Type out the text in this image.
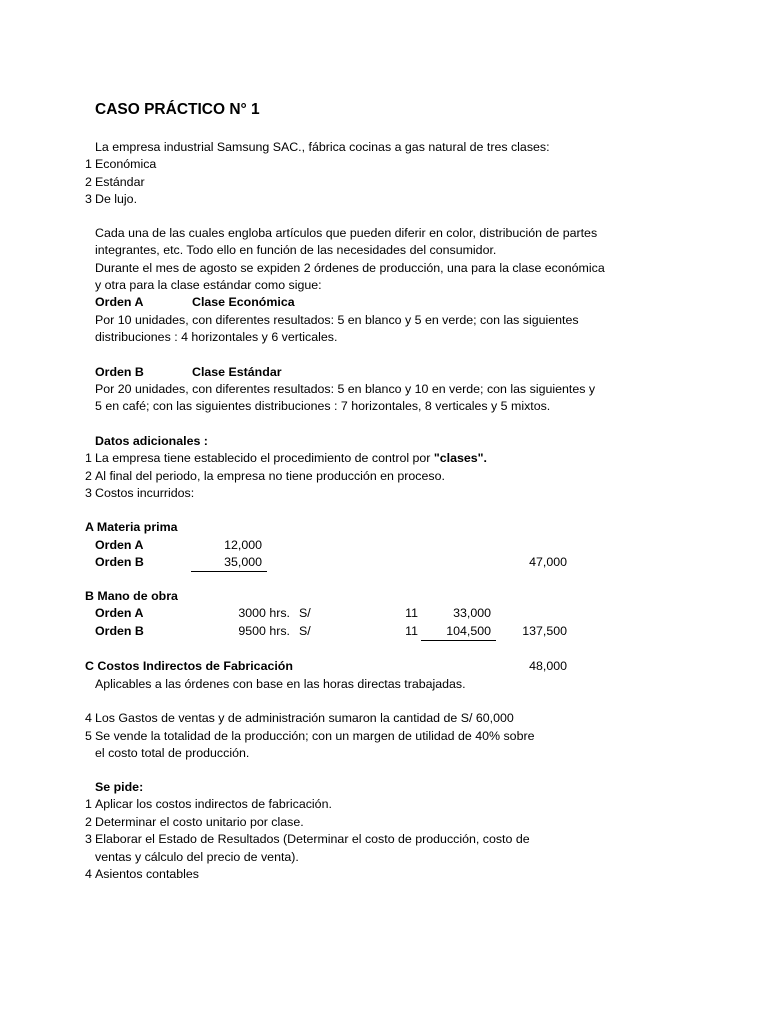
CASO PRÁCTICO N° 1
La empresa industrial Samsung SAC., fábrica cocinas a gas natural de tres clases:
1 Económica
2 Estándar
3 De lujo.
Cada una de las cuales engloba artículos que pueden diferir en color, distribución de partes
integrantes, etc. Todo ello en función de las necesidades del consumidor.
Durante el mes de agosto se expiden 2 órdenes de producción, una para la clase económica
y otra para la clase estándar como sigue:
Orden A	Clase Económica
Por 10 unidades, con diferentes resultados: 5 en blanco y 5 en verde; con las siguientes
distribuciones : 4 horizontales y 6 verticales.
Orden B	Clase Estándar
Por 20 unidades, con diferentes resultados: 5 en blanco y 10 en verde; con las siguientes y
5 en café; con las siguientes distribuciones : 7 horizontales, 8 verticales y 5 mixtos.
Datos adicionales :
1 La empresa tiene establecido el procedimiento de control por "clases".
2 Al final del periodo, la empresa no tiene producción en proceso.
3 Costos incurridos:
A Materia prima
Orden A	12,000
Orden B	35,000	47,000
B Mano de obra
Orden A	3000 hrs. S/	11	33,000
Orden B	9500 hrs. S/	11	104,500	137,500
C Costos Indirectos de Fabricación	48,000
Aplicables a las órdenes con base en las horas directas trabajadas.
4 Los Gastos de ventas y de administración sumaron la cantidad de S/ 60,000
5 Se vende la totalidad de la producción; con un margen de utilidad de 40% sobre
el costo total de producción.
Se pide:
1 Aplicar los costos indirectos de fabricación.
2 Determinar el costo unitario por clase.
3 Elaborar el Estado de Resultados (Determinar el costo de producción, costo de
ventas y cálculo del precio de venta).
4 Asientos contables
